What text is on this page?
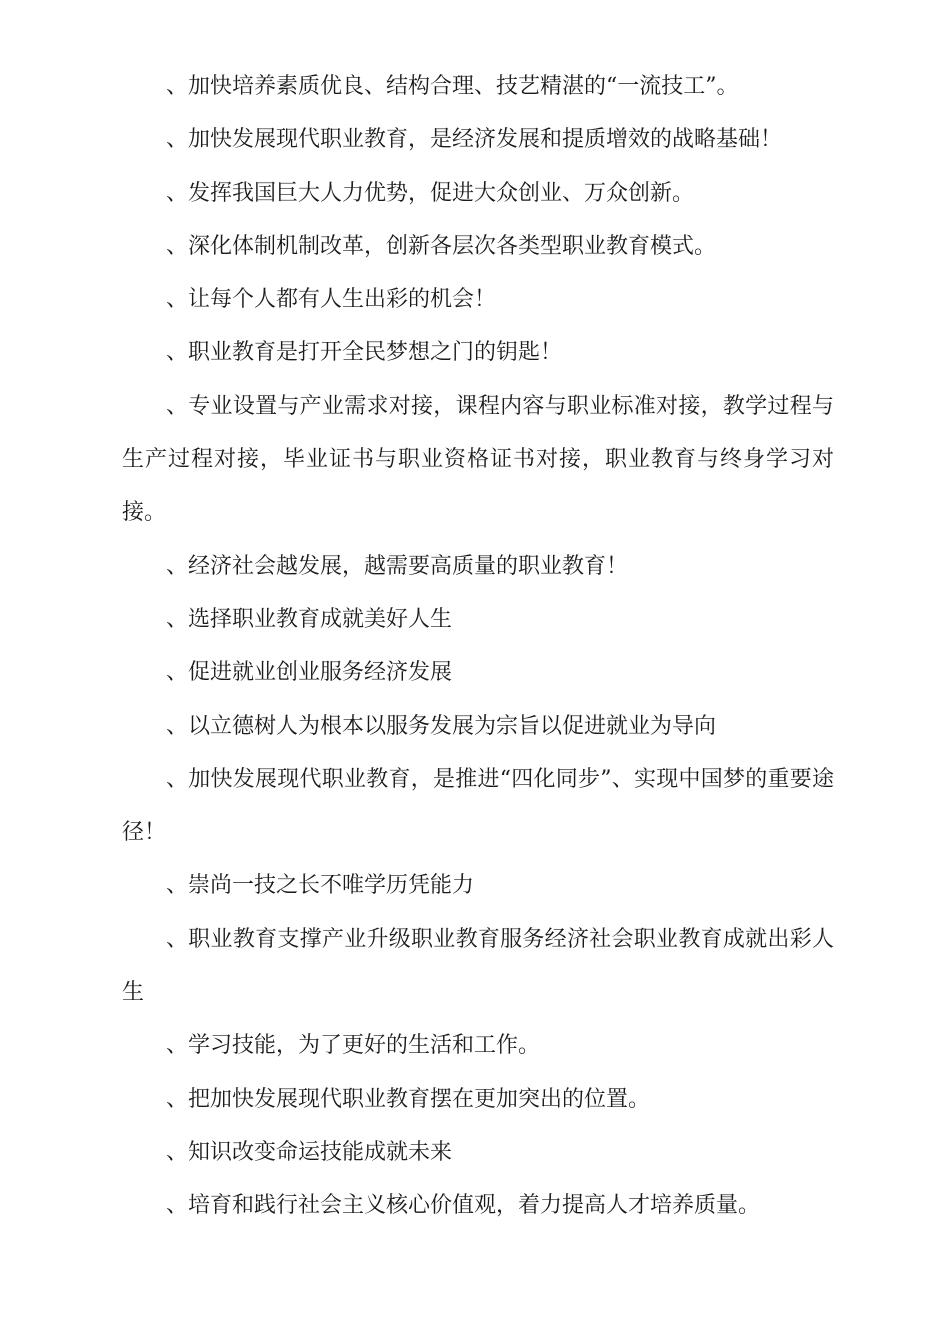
、加快培养素质优良、结构合理、技艺精湛的“一流技工”。

、加快发展现代职业教育，是经济发展和提质增效的战略基础！

、发挥我国巨大人力优势，促进大众创业、万众创新。

、深化体制机制改革，创新各层次各类型职业教育模式。

、让每个人都有人生出彩的机会！

、职业教育是打开全民梦想之门的钥匙！

、专业设置与产业需求对接，课程内容与职业标准对接，教学过程与生产过程对接，毕业证书与职业资格证书对接，职业教育与终身学习对接。

、经济社会越发展，越需要高质量的职业教育！

、选择职业教育成就美好人生

、促进就业创业服务经济发展

、以立德树人为根本以服务发展为宗旨以促进就业为导向

、加快发展现代职业教育，是推进“四化同步”、实现中国梦的重要途径！

、崇尚一技之长不唯学历凭能力

、职业教育支撑产业升级职业教育服务经济社会职业教育成就出彩人生

、学习技能，为了更好的生活和工作。

、把加快发展现代职业教育摆在更加突出的位置。

、知识改变命运技能成就未来

、培育和践行社会主义核心价值观，着力提高人才培养质量。
